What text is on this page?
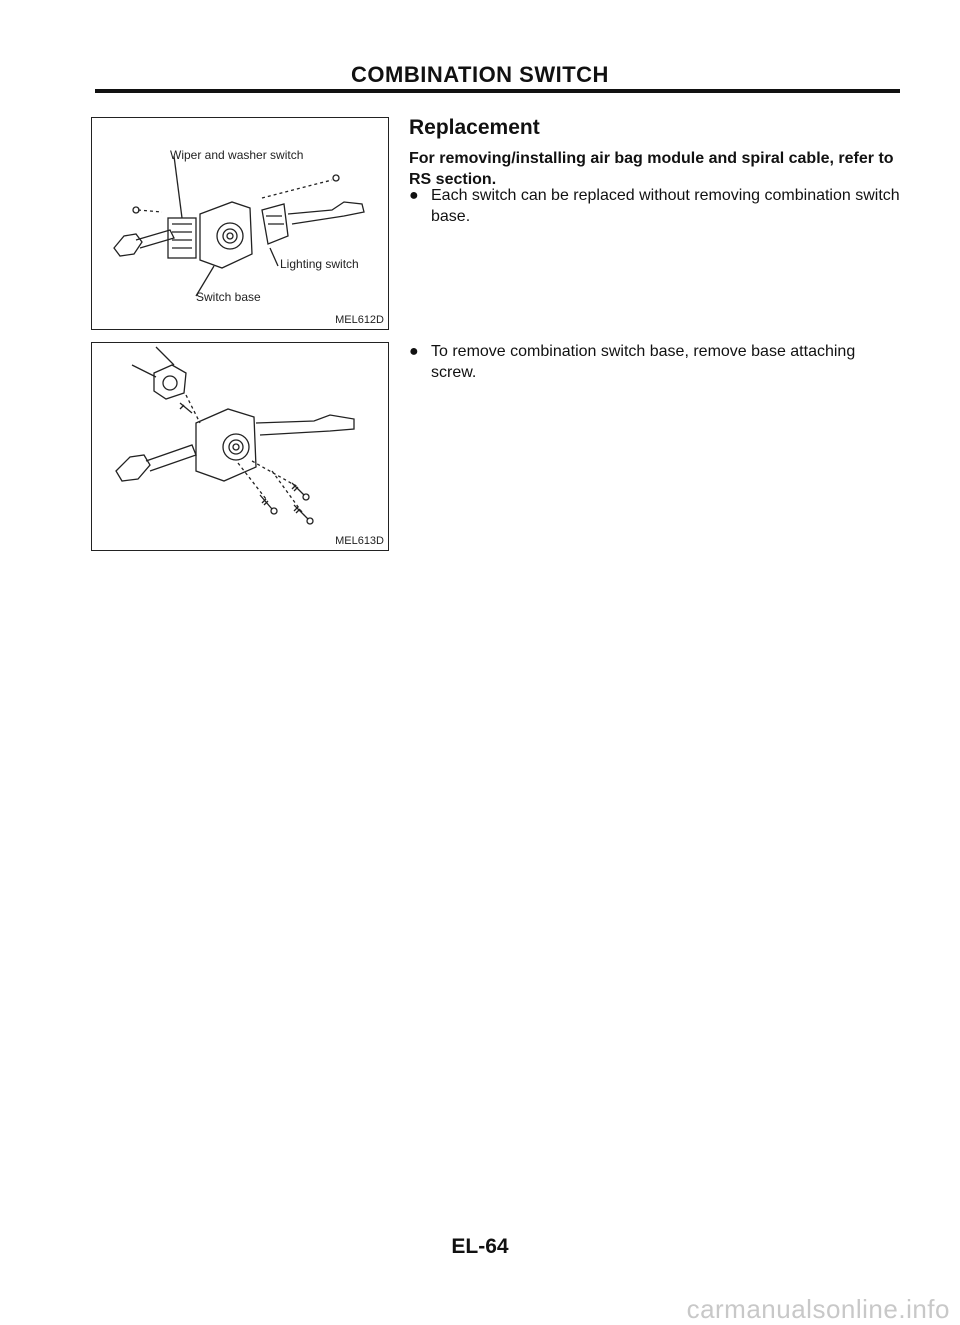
COMBINATION SWITCH
Wiper and washer switch
Lighting switch
Switch base
MEL612D
MEL613D
Replacement
For removing/installing air bag module and spiral cable, refer to RS section.
● Each switch can be replaced without removing combination switch base.
● To remove combination switch base, remove base attaching screw.
EL-64
carmanualsonline.info
